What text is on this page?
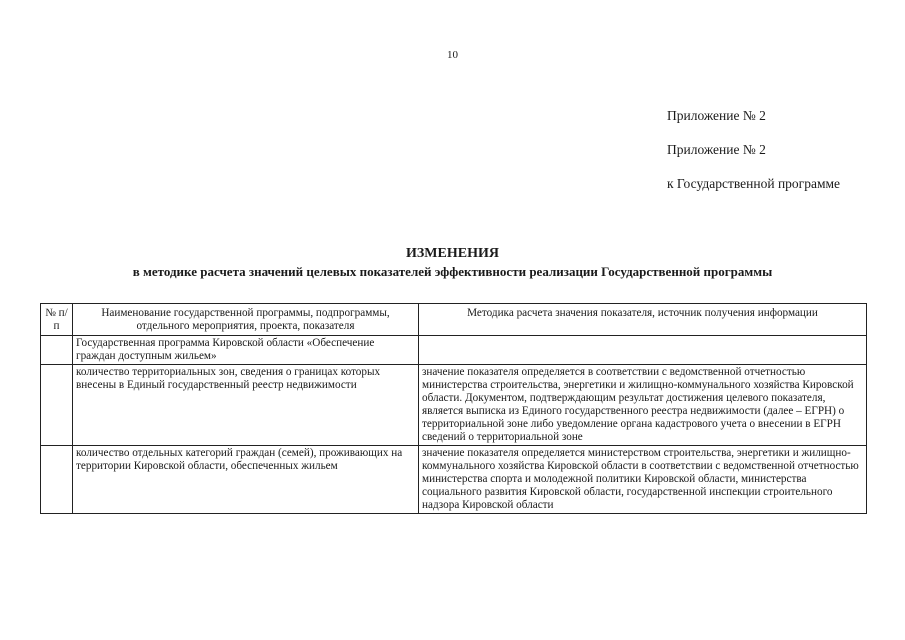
10
Приложение № 2
Приложение № 2
к Государственной программе
ИЗМЕНЕНИЯ
в методике расчета значений целевых показателей эффективности реализации Государственной программы
№ п/п	Наименование государственной программы, подпрограммы, отдельного мероприятия, проекта, показателя	Методика расчета значения показателя, источник получения информации
	Государственная программа Кировской области «Обеспечение граждан доступным жильем»	
	количество территориальных зон, сведения о границах которых внесены в Единый государственный реестр недвижимости	значение показателя определяется в соответствии с ведомственной отчетностью министерства строительства, энергетики и жилищно-коммунального хозяйства Кировской области. Документом, подтверждающим результат достижения целевого показателя, является выписка из Единого государственного реестра недвижимости (далее – ЕГРН) о территориальной зоне либо уведомление органа кадастрового учета о внесении в ЕГРН сведений о территориальной зоне
	количество отдельных категорий граждан (семей), проживающих на территории Кировской области, обеспеченных жильем	значение показателя определяется министерством строительства, энергетики и жилищно-коммунального хозяйства Кировской области в соответствии с ведомственной отчетностью министерства спорта и молодежной политики Кировской области, министерства социального развития Кировской области, государственной инспекции строительного надзора Кировской области
